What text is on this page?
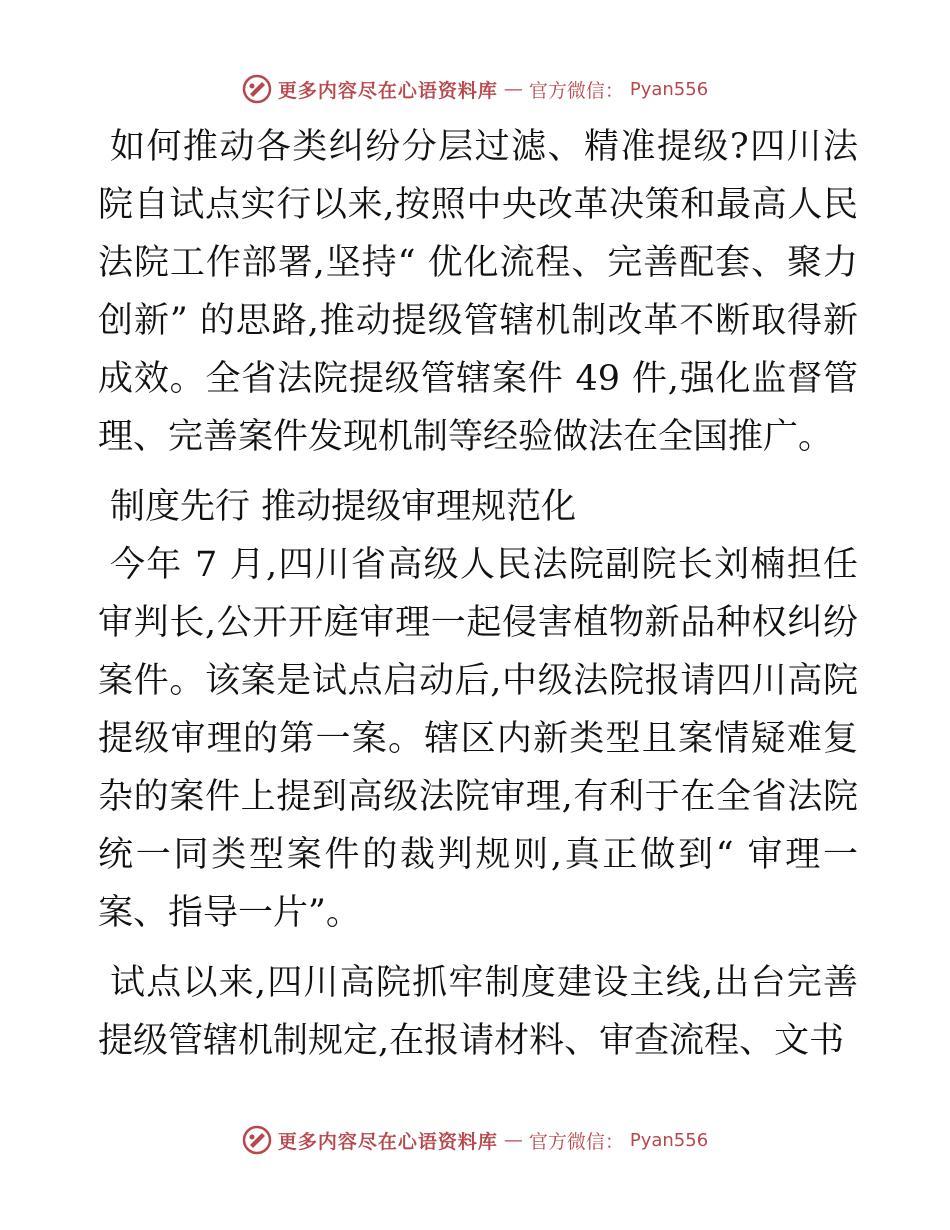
更多内容尽在心语资料库 — 官方微信： Pyan556

如何推动各类纠纷分层过滤、精准提级?四川法院自试点实行以来,按照中央改革决策和最高人民法院工作部署,坚持“ 优化流程、完善配套、聚力创新” 的思路,推动提级管辖机制改革不断取得新成效。全省法院提级管辖案件 49 件,强化监督管理、完善案件发现机制等经验做法在全国推广。

制度先行 推动提级审理规范化

今年 7 月,四川省高级人民法院副院长刘楠担任审判长,公开开庭审理一起侵害植物新品种权纠纷案件。该案是试点启动后,中级法院报请四川高院提级审理的第一案。辖区内新类型且案情疑难复杂的案件上提到高级法院审理,有利于在全省法院统一同类型案件的裁判规则,真正做到“ 审理一案、指导一片”。

试点以来,四川高院抓牢制度建设主线,出台完善提级管辖机制规定,在报请材料、审查流程、文书

更多内容尽在心语资料库 — 官方微信： Pyan556
